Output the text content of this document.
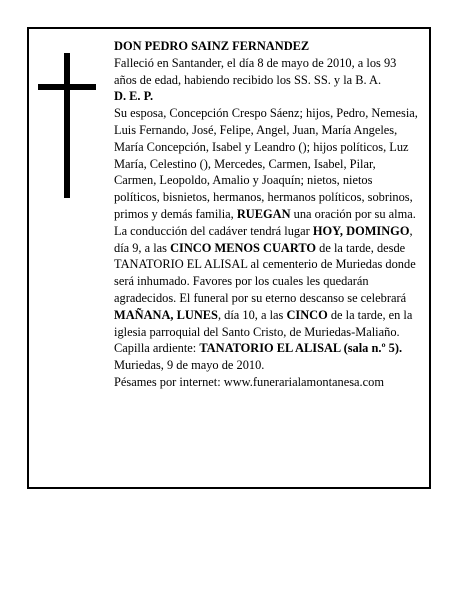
DON PEDRO SAINZ FERNANDEZ

Falleció en Santander, el día 8 de mayo de 2010, a los 93 años de edad, habiendo recibido los SS. SS. y la B. A.

D. E. P.

Su esposa, Concepción Crespo Sáenz; hijos, Pedro, Nemesia, Luis Fernando, José, Felipe, Angel, Juan, María Angeles, María Concepción, Isabel y Leandro (); hijos políticos, Luz María, Celestino (), Mercedes, Carmen, Isabel, Pilar, Carmen, Leopoldo, Amalio y Joaquín; nietos, nietos políticos, bisnietos, hermanos, hermanos políticos, sobrinos, primos y demás familia, RUEGAN una oración por su alma. La conducción del cadáver tendrá lugar HOY, DOMINGO, día 9, a las CINCO MENOS CUARTO de la tarde, desde TANATORIO EL ALISAL al cementerio de Muriedas donde será inhumado. Favores por los cuales les quedarán agradecidos. El funeral por su eterno descanso se celebrará MAÑANA, LUNES, día 10, a las CINCO de la tarde, en la iglesia parroquial del Santo Cristo, de Muriedas-Maliaño. Capilla ardiente: TANATORIO EL ALISAL (sala n.º 5).

Muriedas, 9 de mayo de 2010.

Pésames por internet: www.funerarialamontanesa.com
